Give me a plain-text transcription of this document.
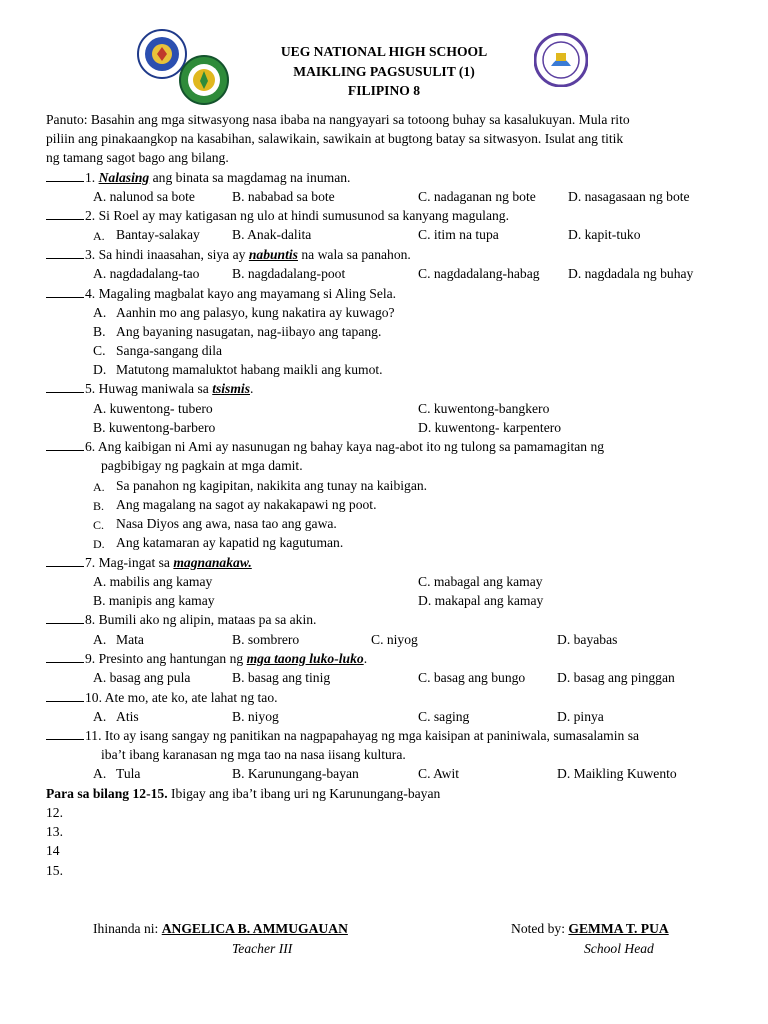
UEG NATIONAL HIGH SCHOOL
MAIKLING PAGSUSULIT (1)
FILIPINO 8
Panuto: Basahin ang mga sitwasyong nasa ibaba na nangyayari sa totoong buhay sa kasalukuyan. Mula rito
piliin ang pinakaangkop na kasabihan, salawikain, sawikain at bugtong batay sa sitwasyon. Isulat ang titik
ng tamang sagot bago ang bilang.
1. Nalasing ang binata sa magdamag na inuman.
A. nalunod sa bote	B. nababad sa bote	C. nadaganan ng bote D. nasagasaan ng bote
2. Si Roel ay may katigasan ng ulo at hindi sumusunod sa kanyang magulang.
A. Bantay-salakay B. Anak-dalita	C. itim na tupa	D. kapit-tuko
3. Sa hindi inaasahan, siya ay nabuntis na wala sa panahon.
A. nagdadalang-tao B. nagdadalang-poot	C. nagdadalang-habag D. nagdadala ng buhay
4. Magaling magbalat kayo ang mayamang si Aling Sela.
A. Aanhin mo ang palasyo, kung nakatira ay kuwago?
B. Ang bayaning nasugatan, nag-iibayo ang tapang.
C. Sanga-sangang dila
D. Matutong mamaluktot habang maikli ang kumot.
5. Huwag maniwala sa tsismis.
A. kuwentong- tubero	C. kuwentong-bangkero
B. kuwentong-barbero	D. kuwentong- karpentero
6. Ang kaibigan ni Ami ay nasunugan ng bahay kaya nag-abot ito ng tulong sa pamamagitan ng
pagbibigay ng pagkain at mga damit.
A. Sa panahon ng kagipitan, nakikita ang tunay na kaibigan.
B. Ang magalang na sagot ay nakakapawi ng poot.
C. Nasa Diyos ang awa, nasa tao ang gawa.
D. Ang katamaran ay kapatid ng kagutuman.
7. Mag-ingat sa magnanakaw.
A. mabilis ang kamay	C. mabagal ang kamay
B. manipis ang kamay	D. makapal ang kamay
8. Bumili ako ng alipin, mataas pa sa akin.
A. Mata	B. sombrero	C. niyog	D. bayabas
9. Presinto ang hantungan ng mga taong luko-luko.
A. basag ang pula	B. basag ang tinig	C. basag ang bungo D. basag ang pinggan
10. Ate mo, ate ko, ate lahat ng tao.
A. Atis	B. niyog	C. saging	D. pinya
11. Ito ay isang sangay ng panitikan na nagpapahayag ng mga kaisipan at paniniwala, sumasalamin sa
iba’t ibang karanasan ng mga tao na nasa iisang kultura.
A. Tula	B. Karunungang-bayan	C. Awit	D. Maikling Kuwento
Para sa bilang 12-15. Ibigay ang iba’t ibang uri ng Karunungang-bayan
12.
13.
14
15.
Ihinanda ni: ANGELICA B. AMMUGAUAN
Teacher III
Noted by: GEMMA T. PUA
School Head
